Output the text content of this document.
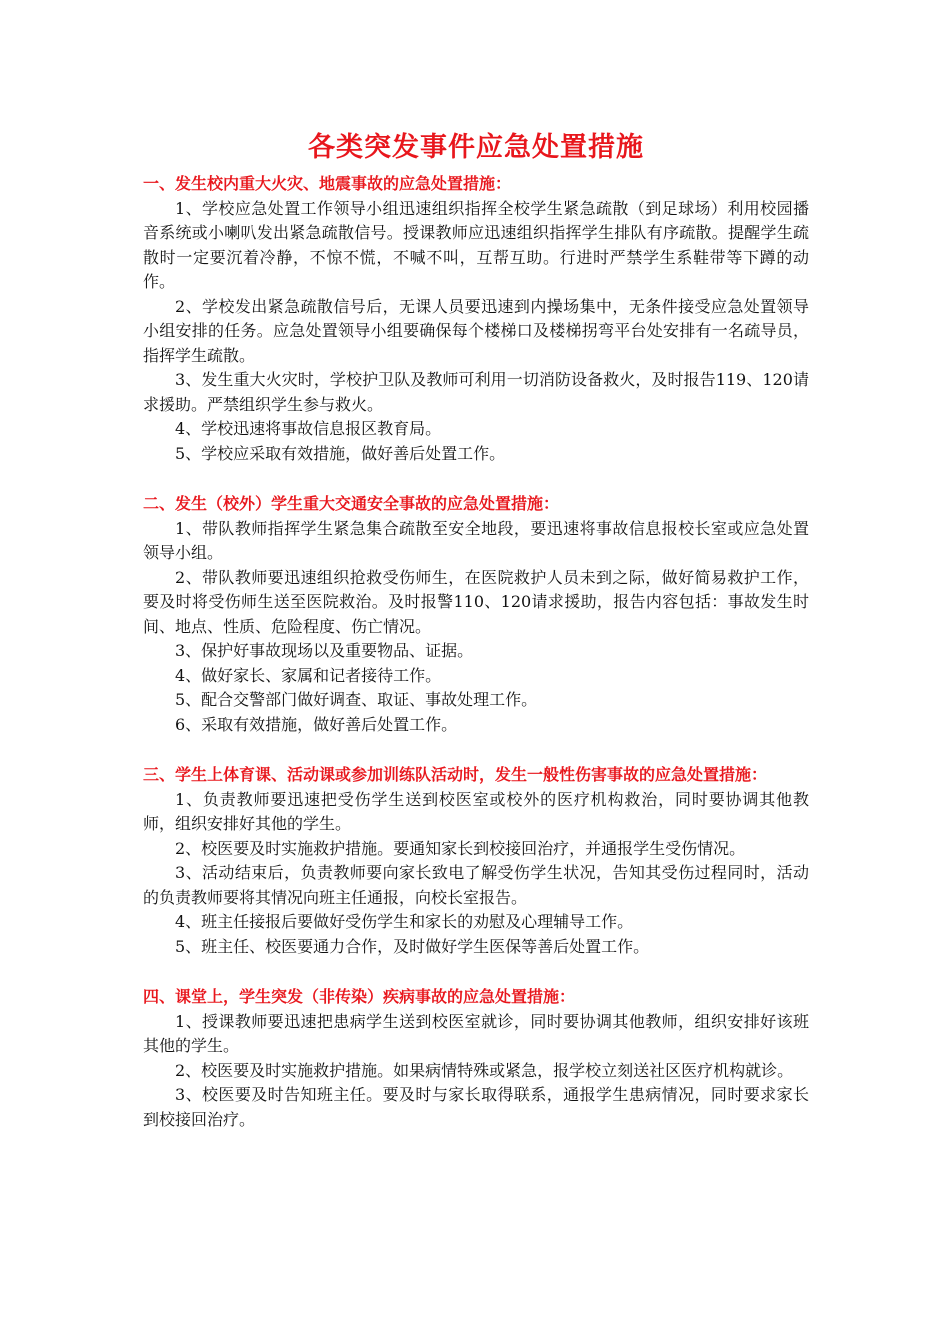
各类突发事件应急处置措施

一、发生校内重大火灾、地震事故的应急处置措施：

1、学校应急处置工作领导小组迅速组织指挥全校学生紧急疏散（到足球场）利用校园播音系统或小喇叭发出紧急疏散信号。授课教师应迅速组织指挥学生排队有序疏散。提醒学生疏散时一定要沉着冷静，不惊不慌，不喊不叫，互帮互助。行进时严禁学生系鞋带等下蹲的动作。

2、学校发出紧急疏散信号后，无课人员要迅速到内操场集中，无条件接受应急处置领导小组安排的任务。应急处置领导小组要确保每个楼梯口及楼梯拐弯平台处安排有一名疏导员，指挥学生疏散。

3、发生重大火灾时，学校护卫队及教师可利用一切消防设备救火，及时报告119、120请求援助。严禁组织学生参与救火。

4、学校迅速将事故信息报区教育局。

5、学校应采取有效措施，做好善后处置工作。

二、发生（校外）学生重大交通安全事故的应急处置措施：

1、带队教师指挥学生紧急集合疏散至安全地段，要迅速将事故信息报校长室或应急处置领导小组。

2、带队教师要迅速组织抢救受伤师生，在医院救护人员未到之际，做好简易救护工作，要及时将受伤师生送至医院救治。及时报警110、120请求援助，报告内容包括：事故发生时间、地点、性质、危险程度、伤亡情况。

3、保护好事故现场以及重要物品、证据。

4、做好家长、家属和记者接待工作。

5、配合交警部门做好调查、取证、事故处理工作。

6、采取有效措施，做好善后处置工作。

三、学生上体育课、活动课或参加训练队活动时，发生一般性伤害事故的应急处置措施：

1、负责教师要迅速把受伤学生送到校医室或校外的医疗机构救治，同时要协调其他教师，组织安排好其他的学生。

2、校医要及时实施救护措施。要通知家长到校接回治疗，并通报学生受伤情况。

3、活动结束后，负责教师要向家长致电了解受伤学生状况，告知其受伤过程同时，活动的负责教师要将其情况向班主任通报，向校长室报告。

4、班主任接报后要做好受伤学生和家长的劝慰及心理辅导工作。

5、班主任、校医要通力合作，及时做好学生医保等善后处置工作。

四、课堂上，学生突发（非传染）疾病事故的应急处置措施：

1、授课教师要迅速把患病学生送到校医室就诊，同时要协调其他教师，组织安排好该班其他的学生。

2、校医要及时实施救护措施。如果病情特殊或紧急，报学校立刻送社区医疗机构就诊。

3、校医要及时告知班主任。要及时与家长取得联系，通报学生患病情况，同时要求家长到校接回治疗。
